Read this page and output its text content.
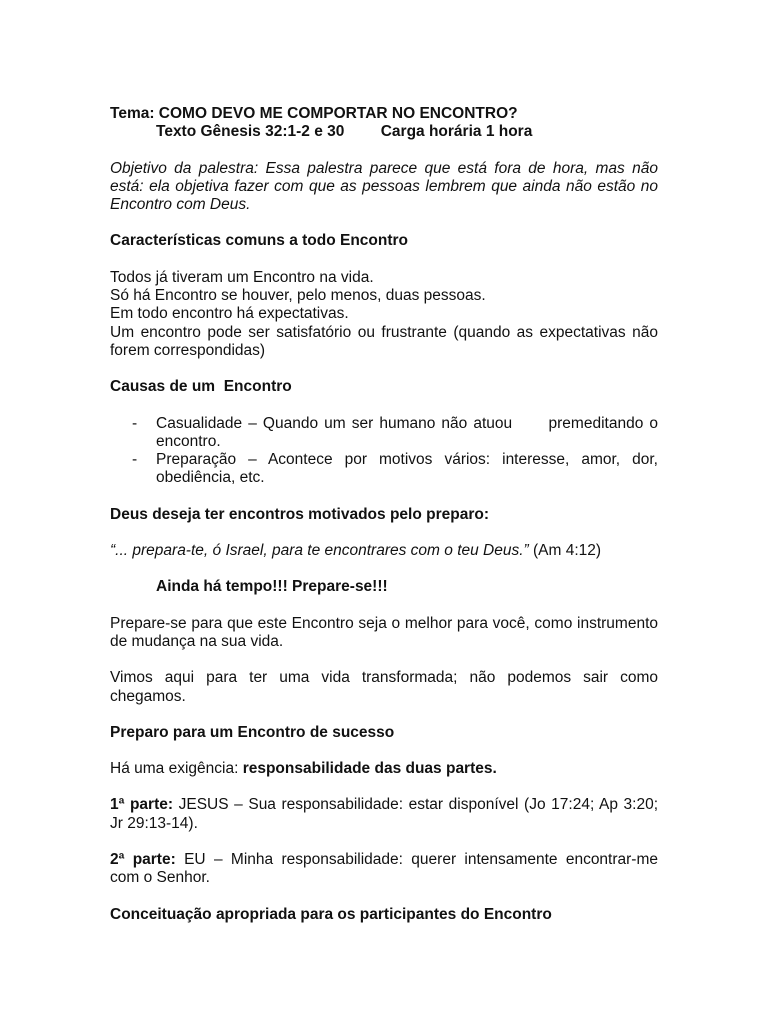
Tema: COMO DEVO ME COMPORTAR NO ENCONTRO?

Texto Gênesis 32:1-2 e 30 Carga horária 1 hora

Objetivo da palestra: Essa palestra parece que está fora de hora, mas não está: ela objetiva fazer com que as pessoas lembrem que ainda não estão no Encontro com Deus.

Características comuns a todo Encontro

Todos já tiveram um Encontro na vida.

Só há Encontro se houver, pelo menos, duas pessoas.

Em todo encontro há expectativas.

Um encontro pode ser satisfatório ou frustrante (quando as expectativas não forem correspondidas)

Causas de um  Encontro

- Casualidade – Quando um ser humano não atuou      premeditando o encontro.
- Preparação – Acontece por motivos vários: interesse, amor, dor, obediência, etc.

Deus deseja ter encontros motivados pelo preparo:

“... prepara-te, ó Israel, para te encontrares com o teu Deus.” (Am 4:12)

Ainda há tempo!!! Prepare-se!!!

Prepare-se para que este Encontro seja o melhor para você, como instrumento de mudança na sua vida.

Vimos aqui para ter uma vida transformada; não podemos sair como chegamos.

Preparo para um Encontro de sucesso

Há uma exigência: responsabilidade das duas partes.

1ª parte: JESUS – Sua responsabilidade: estar disponível (Jo 17:24; Ap 3:20; Jr 29:13-14).

2ª parte: EU – Minha responsabilidade: querer intensamente encontrar-me com o Senhor.

Conceituação apropriada para os participantes do Encontro
